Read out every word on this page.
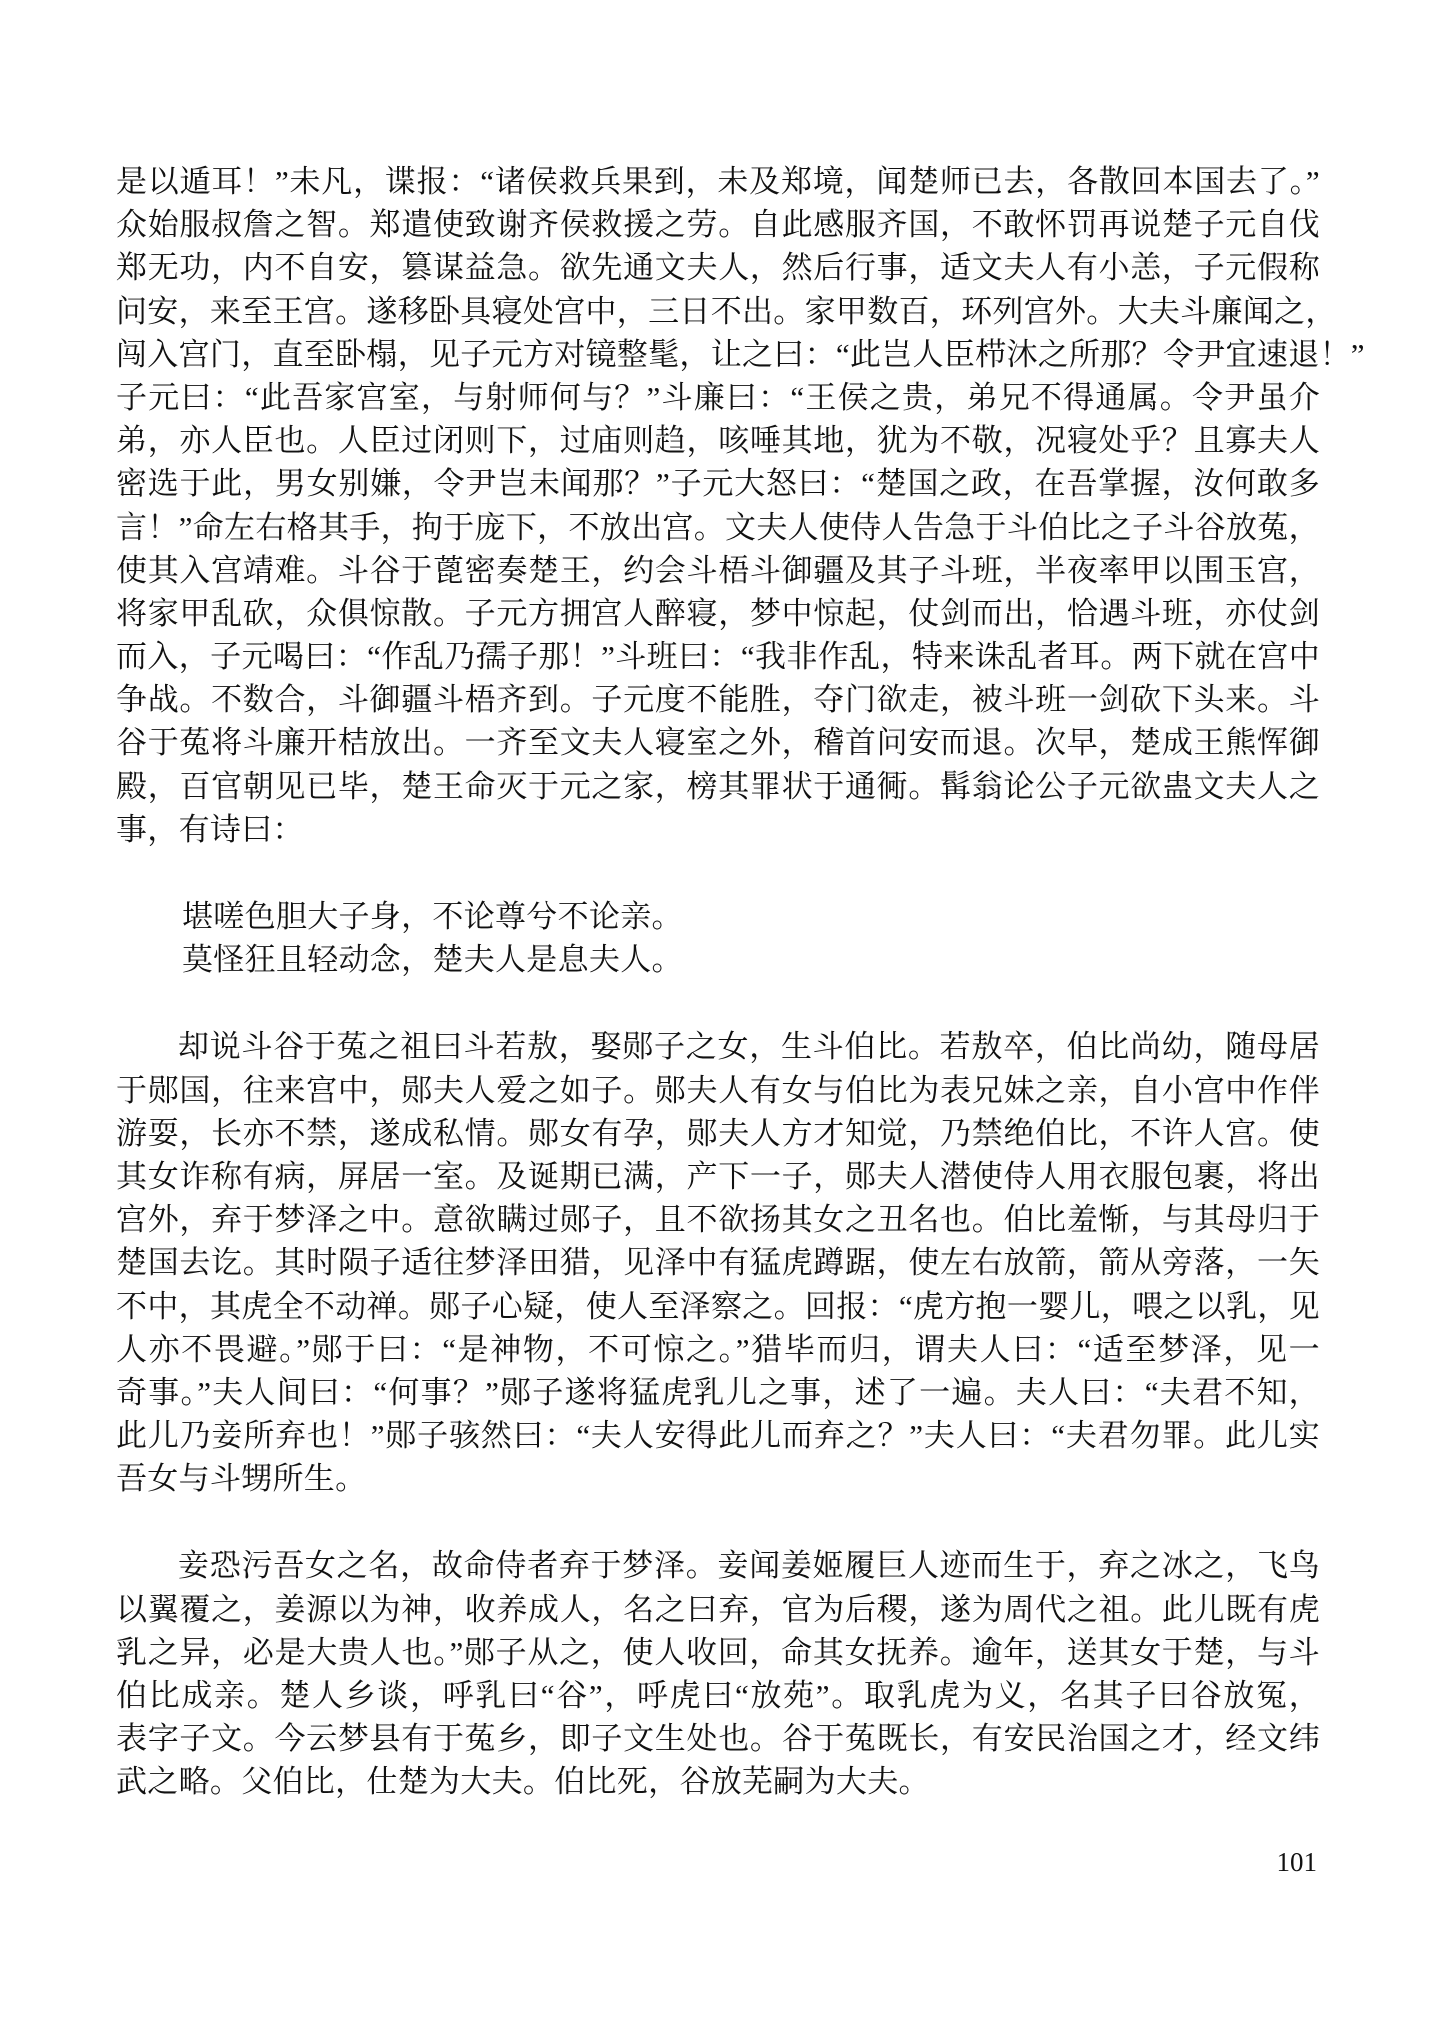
是以遁耳！”未凡，谍报：“诸侯救兵果到，未及郑境，闻楚师已去，各散回本国去了。”
众始服叔詹之智。郑遣使致谢齐侯救援之劳。自此感服齐国，不敢怀罚再说楚子元自伐
郑无功，内不自安，篡谋益急。欲先通文夫人，然后行事，适文夫人有小恙，子元假称
问安，来至王宫。遂移卧具寝处宫中，三日不出。家甲数百，环列宫外。大夫斗廉闻之，
闯入宫门，直至卧榻，见子元方对镜整髦，让之曰：“此岂人臣栉沐之所那？令尹宜速退！”
子元曰：“此吾家宫室，与射师何与？”斗廉曰：“王侯之贵，弟兄不得通属。令尹虽介
弟，亦人臣也。人臣过闭则下，过庙则趋，咳唾其地，犹为不敬，况寝处乎？且寡夫人
密选于此，男女别嫌，令尹岂未闻那？”子元大怒曰：“楚国之政，在吾掌握，汝何敢多
言！”命左右格其手，拘于庞下，不放出宫。文夫人使侍人告急于斗伯比之子斗谷放菟，
使其入宫靖难。斗谷于蓖密奏楚王，约会斗梧斗御疆及其子斗班，半夜率甲以围玉宫，
将家甲乱砍，众俱惊散。子元方拥宫人醉寝，梦中惊起，仗剑而出，恰遇斗班，亦仗剑
而入，子元喝曰：“作乱乃孺子那！”斗班曰：“我非作乱，特来诛乱者耳。两下就在宫中
争战。不数合，斗御疆斗梧齐到。子元度不能胜，夺门欲走，被斗班一剑砍下头来。斗
谷于菟将斗廉开桔放出。一齐至文夫人寝室之外，稽首问安而退。次早，楚成王熊恽御
殿，百官朝见已毕，楚王命灭于元之家，榜其罪状于通衕。髯翁论公子元欲蛊文夫人之
事，有诗曰：
堪嗟色胆大子身，不论尊兮不论亲。
莫怪狂且轻动念，楚夫人是息夫人。
却说斗谷于菟之祖曰斗若敖，娶郧子之女，生斗伯比。若敖卒，伯比尚幼，随母居
于郧国，往来宫中，郧夫人爱之如子。郧夫人有女与伯比为表兄妹之亲，自小宫中作伴
游耍，长亦不禁，遂成私情。郧女有孕，郧夫人方才知觉，乃禁绝伯比，不许人宫。使
其女诈称有病，屏居一室。及诞期已满，产下一子，郧夫人潜使侍人用衣服包裹，将出
宫外，弃于梦泽之中。意欲瞒过郧子，且不欲扬其女之丑名也。伯比羞惭，与其母归于
楚国去讫。其时陨子适往梦泽田猎，见泽中有猛虎蹲踞，使左右放箭，箭从旁落，一矢
不中，其虎全不动禅。郧子心疑，使人至泽察之。回报：“虎方抱一婴儿，喂之以乳，见
人亦不畏避。”郧于曰：“是神物，不可惊之。”猎毕而归，谓夫人曰：“适至梦泽，见一
奇事。”夫人间曰：“何事？”郧子遂将猛虎乳儿之事，述了一遍。夫人曰：“夫君不知，
此儿乃妾所弃也！”郧子骇然曰：“夫人安得此儿而弃之？”夫人曰：“夫君勿罪。此儿实
吾女与斗甥所生。
妾恐污吾女之名，故命侍者弃于梦泽。妾闻姜姬履巨人迹而生于，弃之冰之，飞鸟
以翼覆之，姜源以为神，收养成人，名之曰弃，官为后稷，遂为周代之祖。此儿既有虎
乳之异，必是大贵人也。”郧子从之，使人收回，命其女抚养。逾年，送其女于楚，与斗
伯比成亲。楚人乡谈，呼乳曰“谷”，呼虎曰“放苑”。取乳虎为义，名其子曰谷放冤，
表字子文。今云梦县有于菟乡，即子文生处也。谷于菟既长，有安民治国之才，经文纬
武之略。父伯比，仕楚为大夫。伯比死，谷放芜嗣为大夫。
101
